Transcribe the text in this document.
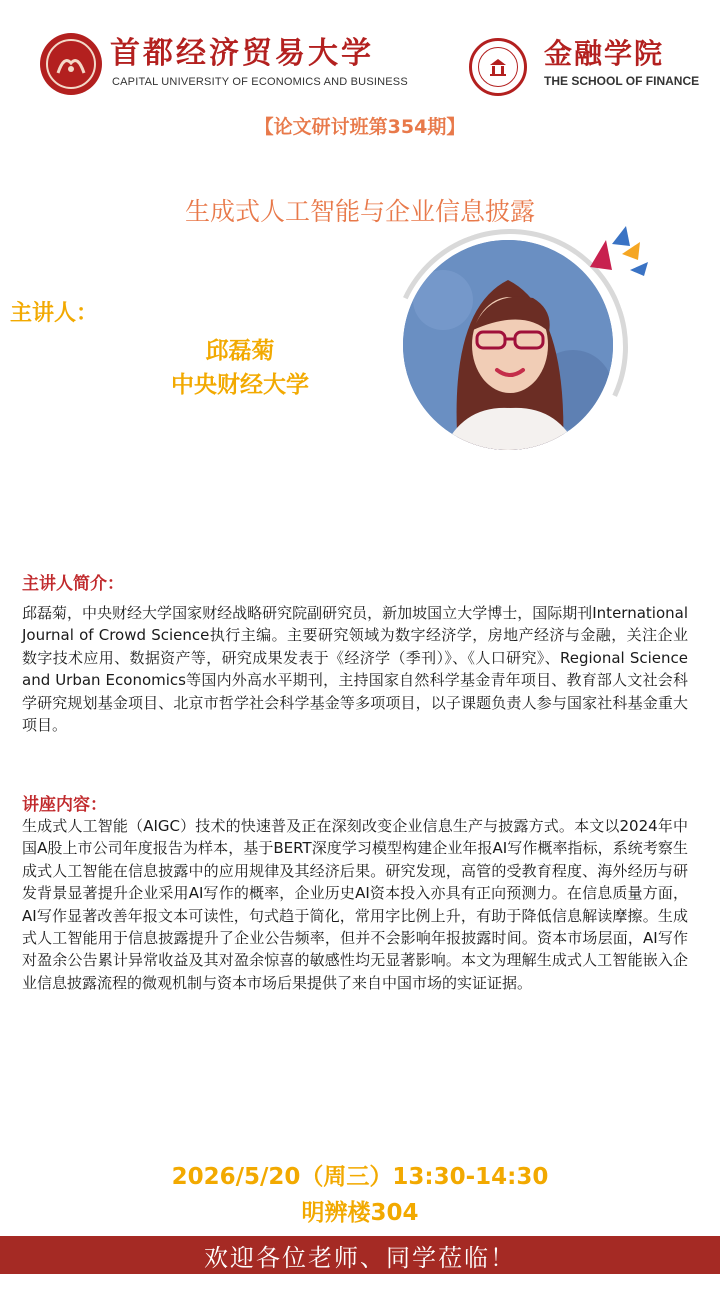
首都经济贸易大学
CAPITAL UNIVERSITY OF ECONOMICS AND BUSINESS
金融学院
THE SCHOOL OF FINANCE
【论文研讨班第354期】
生成式人工智能与企业信息披露
主讲人：
邱磊菊
中央财经大学
主讲人简介：
邱磊菊，中央财经大学国家财经战略研究院副研究员，新加坡国立大学博士，国际期刊International Journal of Crowd Science执行主编。主要研究领域为数字经济学，房地产经济与金融，关注企业数字技术应用、数据资产等，研究成果发表于《经济学（季刊）》、《人口研究》、Regional Science and Urban Economics等国内外高水平期刊，主持国家自然科学基金青年项目、教育部人文社会科学研究规划基金项目、北京市哲学社会科学基金等多项项目，以子课题负责人参与国家社科基金重大项目。
讲座内容：
生成式人工智能（AIGC）技术的快速普及正在深刻改变企业信息生产与披露方式。本文以2024年中国A股上市公司年度报告为样本，基于BERT深度学习模型构建企业年报AI写作概率指标，系统考察生成式人工智能在信息披露中的应用规律及其经济后果。研究发现，高管的受教育程度、海外经历与研发背景显著提升企业采用AI写作的概率，企业历史AI资本投入亦具有正向预测力。在信息质量方面，AI写作显著改善年报文本可读性，句式趋于简化，常用字比例上升，有助于降低信息解读摩擦。生成式人工智能用于信息披露提升了企业公告频率，但并不会影响年报披露时间。资本市场层面，AI写作对盈余公告累计异常收益及其对盈余惊喜的敏感性均无显著影响。本文为理解生成式人工智能嵌入企业信息披露流程的微观机制与资本市场后果提供了来自中国市场的实证证据。
2026/5/20（周三）13:30-14:30
明辨楼304
欢迎各位老师、同学莅临！
